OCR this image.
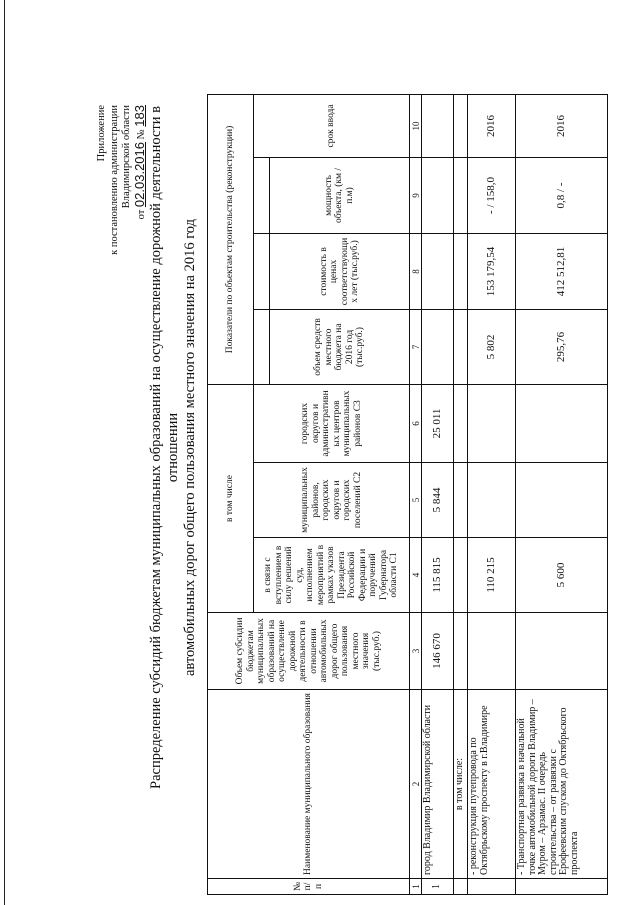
Приложение к постановлению администрации Владимирской области
от 02.03.2016 № 183 Распределение субсидий бюджетам муниципальных образований на осуществление дорожной деятельности в отношении автомобильных дорог общего пользования местного значения на 2016 год
№ п/п	Наименование муниципального образования	Объем субсидии бюджетам муниципальных образований на осуществление дорожной деятельности в отношении автомобильных дорог общего пользования местного значения (тыс.руб.)	в том числе			Показатели по объектам строительства (реконструкции)			
			в связи с вступлением в силу решений суд, исполнением мероприятий в рамках указов Президента Российской Федерации и поручений Губернатора области С1	муниципальных районов, городских округов и городских поселений С2	городских округов и административных центров муниципальных районов С3				срок ввода
						объем средств местного бюджета на 2016 год (тыс.руб.)	стоимость в ценах соответствующих лет (тыс.руб.)	мощность объекта, (км / п.м)	
1	2	3	4	5	6	7	8	9	10
1	город Владимир Владимирской области	146 670	115 815	5 844	25 011				
	в том числе:								
	- реконструкция путепровода по Октябрьскому проспекту в г.Владимире		110 215			5 802	153 179,54	- / 158,0	2016
	- Транспортная развязка в начальной точке автомобильной дороги Владимир – Муром – Арзамас. II очередь строительства – от развязки с Ерофеевским спуском до Октябрьского проспекта		5 600			295,76	412 512,81	0,8 / -	2016
